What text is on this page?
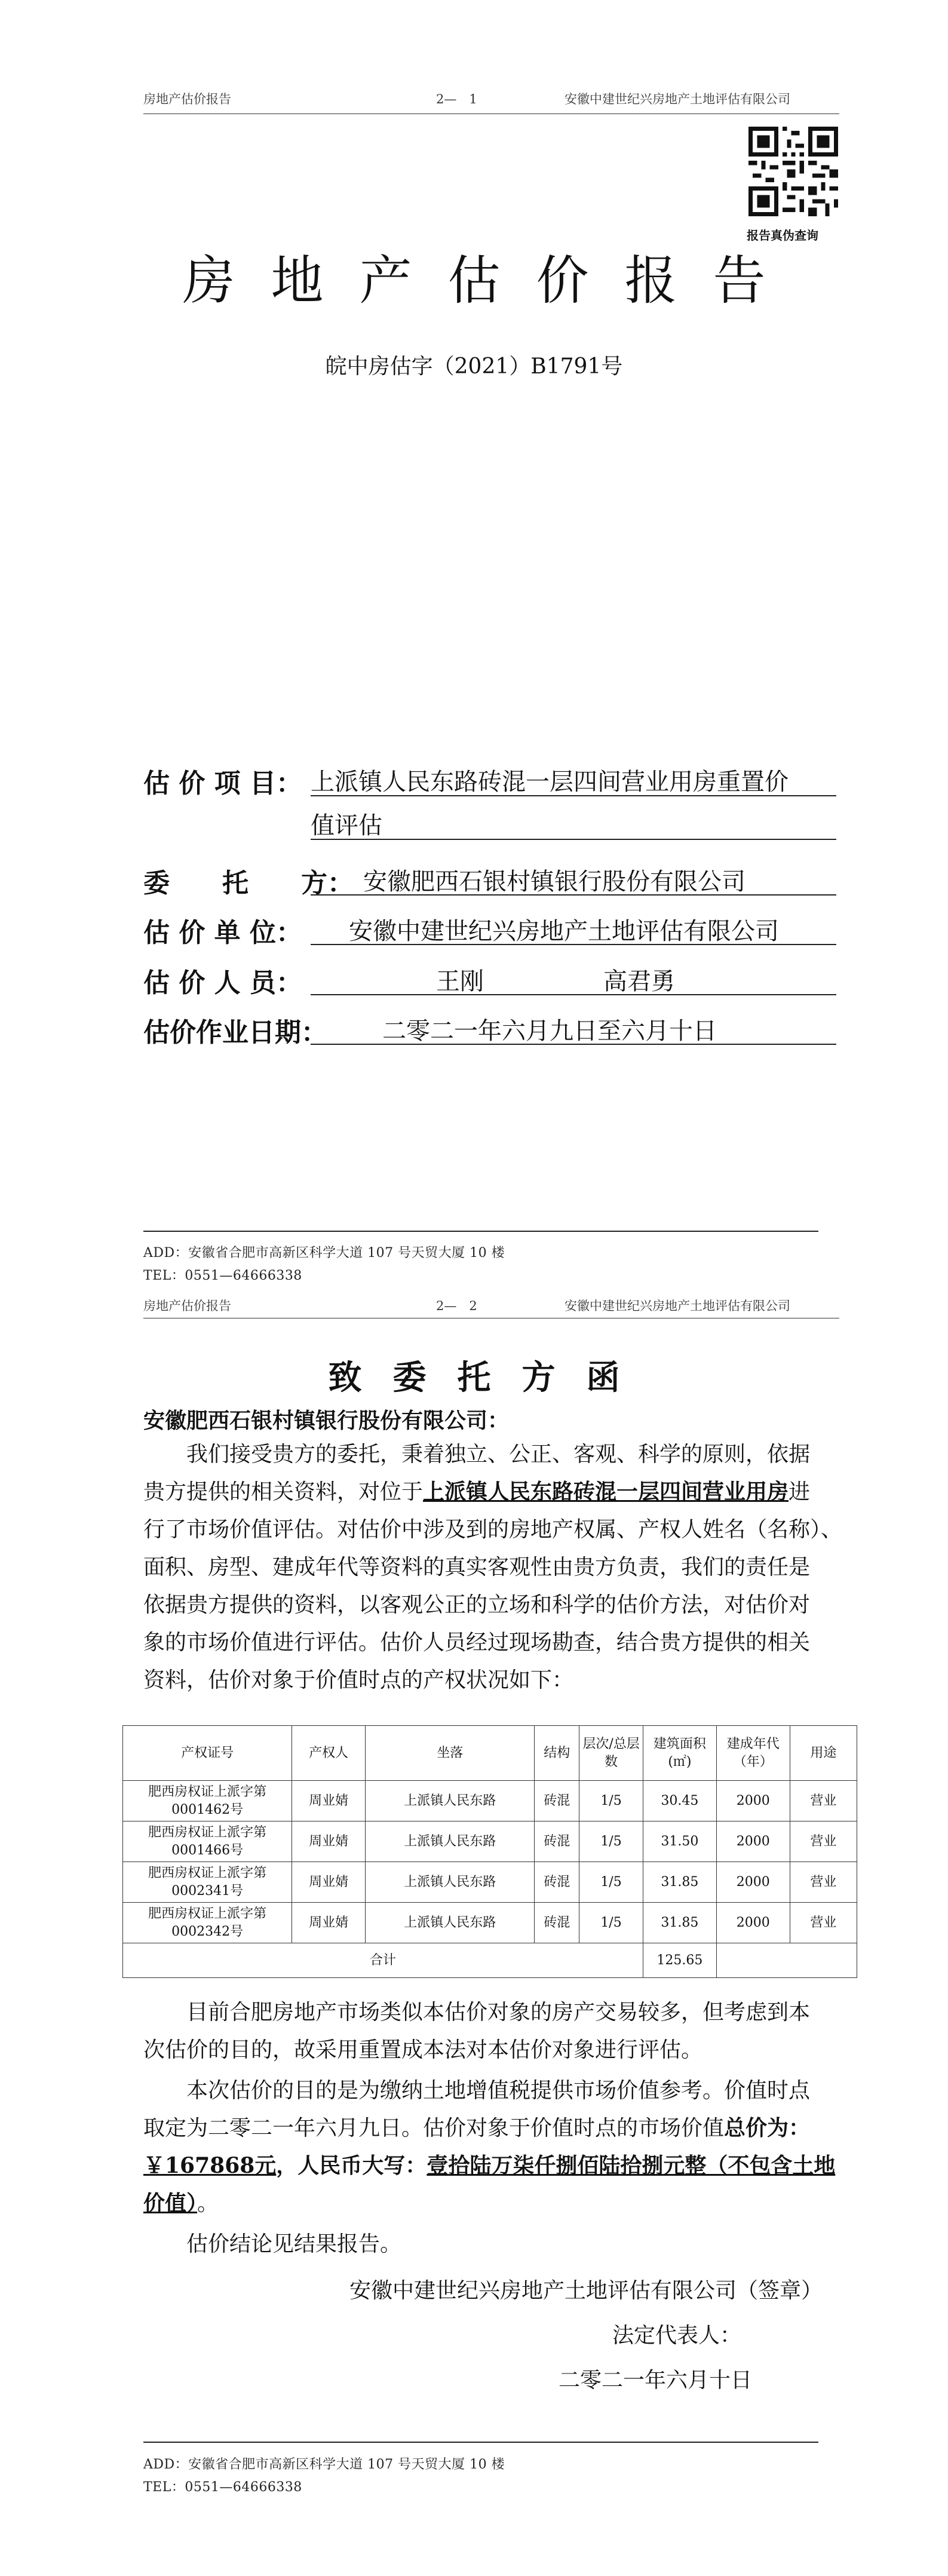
房地产估价报告	2—　1	安徽中建世纪兴房地产土地评估有限公司
报告真伪查询
房地产估价报告
皖中房估字（2021）B1791号
估 价 项 目： 上派镇人民东路砖混一层四间营业用房重置价
值评估
委　　托　　方： 安徽肥西石银村镇银行股份有限公司
估 价 单 位： 安徽中建世纪兴房地产土地评估有限公司
估 价 人 员：	王刚	高君勇
估价作业日期： 二零二一年六月九日至六月十日
ADD：安徽省合肥市高新区科学大道 107 号天贸大厦 10 楼
TEL：0551—64666338
房地产估价报告	2—　2	安徽中建世纪兴房地产土地评估有限公司
致委托方函
安徽肥西石银村镇银行股份有限公司：
我们接受贵方的委托，秉着独立、公正、客观、科学的原则，依据
贵方提供的相关资料，对位于上派镇人民东路砖混一层四间营业用房进
行了市场价值评估。对估价中涉及到的房地产权属、产权人姓名（名称）、
面积、房型、建成年代等资料的真实客观性由贵方负责，我们的责任是
依据贵方提供的资料，以客观公正的立场和科学的估价方法，对估价对
象的市场价值进行评估。估价人员经过现场勘查，结合贵方提供的相关
资料，估价对象于价值时点的产权状况如下：
产权证号	产权人	坐落	结构	层次/总层数	建筑面积(㎡)	建成年代（年）	用途
肥西房权证上派字第0001462号	周业婧	上派镇人民东路	砖混	1/5	30.45	2000	营业
肥西房权证上派字第0001466号	周业婧	上派镇人民东路	砖混	1/5	31.50	2000	营业
肥西房权证上派字第0002341号	周业婧	上派镇人民东路	砖混	1/5	31.85	2000	营业
肥西房权证上派字第0002342号	周业婧	上派镇人民东路	砖混	1/5	31.85	2000	营业
合计					125.65		
目前合肥房地产市场类似本估价对象的房产交易较多，但考虑到本
次估价的目的，故采用重置成本法对本估价对象进行评估。
本次估价的目的是为缴纳土地增值税提供市场价值参考。价值时点
取定为二零二一年六月九日。估价对象于价值时点的市场价值总价为：
￥167868元，人民币大写：壹拾陆万柒仟捌佰陆拾捌元整（不包含土地
价值）。
估价结论见结果报告。
安徽中建世纪兴房地产土地评估有限公司（签章）
法定代表人：
二零二一年六月十日
ADD：安徽省合肥市高新区科学大道 107 号天贸大厦 10 楼
TEL：0551—64666338
